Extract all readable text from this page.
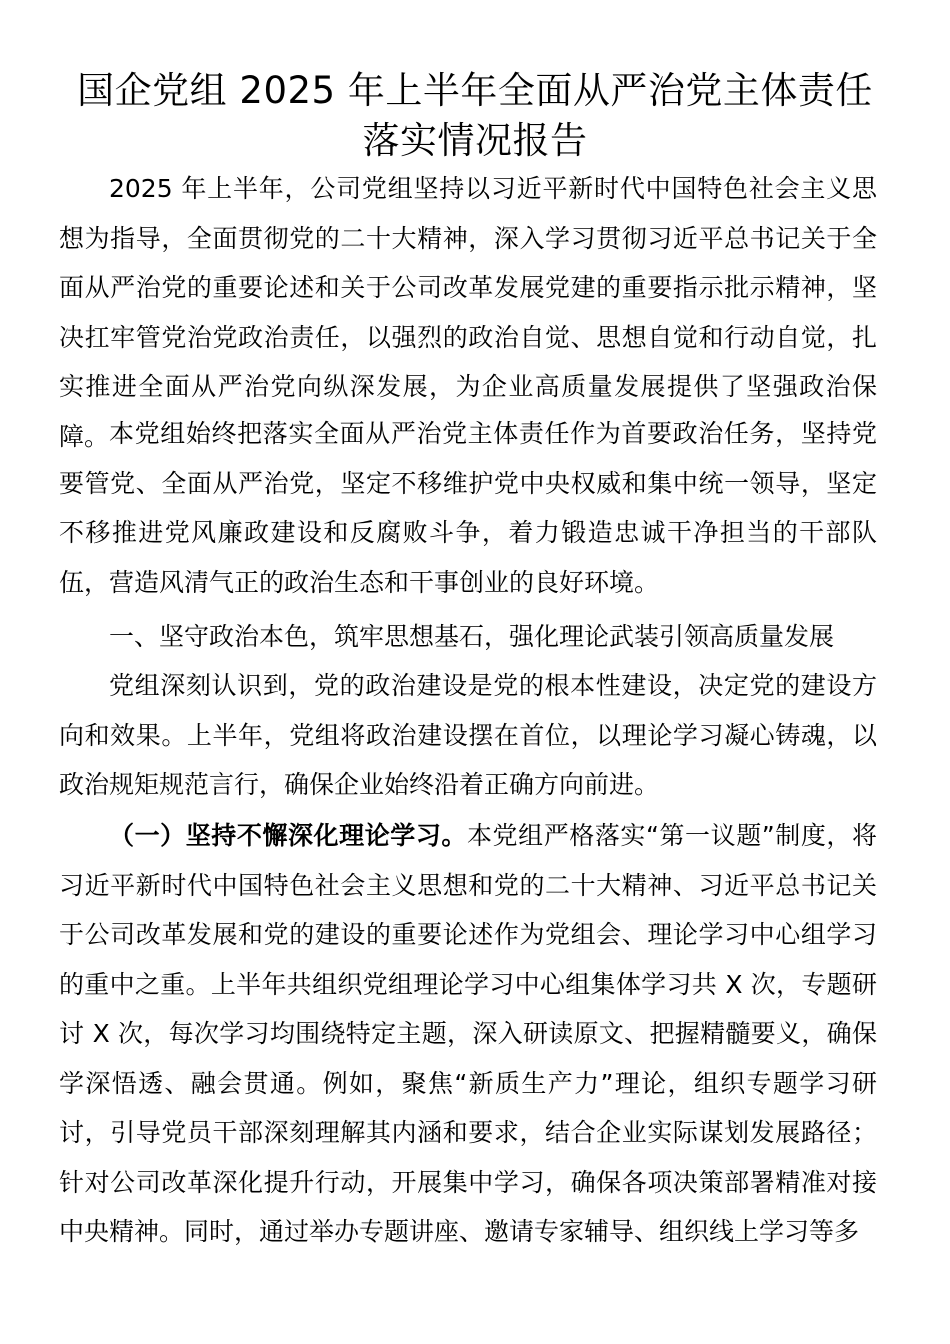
国企党组 2025 年上半年全面从严治党主体责任落实情况报告

2025 年上半年，公司党组坚持以习近平新时代中国特色社会主义思想为指导，全面贯彻党的二十大精神，深入学习贯彻习近平总书记关于全面从严治党的重要论述和关于公司改革发展党建的重要指示批示精神，坚决扛牢管党治党政治责任，以强烈的政治自觉、思想自觉和行动自觉，扎实推进全面从严治党向纵深发展，为企业高质量发展提供了坚强政治保障。 本党组始终把落实全面从严治党主体责任作为首要政治任务，坚持党要管党、全面从严治党，坚定不移维护党中央权威和集中统一领导，坚定不移推进党风廉政建设和反腐败斗争，着力锻造忠诚干净担当的干部队伍，营造风清气正的政治生态和干事创业的良好环境。

一、坚守政治本色，筑牢思想基石，强化理论武装引领高质量发展

党组深刻认识到，党的政治建设是党的根本性建设，决定党的建设方向和效果。上半年，党组将政治建设摆在首位，以理论学习凝心铸魂，以政治规矩规范言行，确保企业始终沿着正确方向前进。

（一）坚持不懈深化理论学习。本党组严格落实“第一议题”制度，将习近平新时代中国特色社会主义思想和党的二十大精神、习近平总书记关于公司改革发展和党的建设的重要论述作为党组会、理论学习中心组学习的重中之重。上半年共组织党组理论学习中心组集体学习共 X 次，专题研讨 X 次，每次学习均围绕特定主题，深入研读原文、把握精髓要义，确保学深悟透、融会贯通。例如，聚焦“新质生产力”理论，组织专题学习研讨，引导党员干部深刻理解其内涵和要求，结合企业实际谋划发展路径；针对公司改革深化提升行动，开展集中学习，确保各项决策部署精准对接中央精神。同时，通过举办专题讲座、邀请专家辅导、组织线上学习等多
